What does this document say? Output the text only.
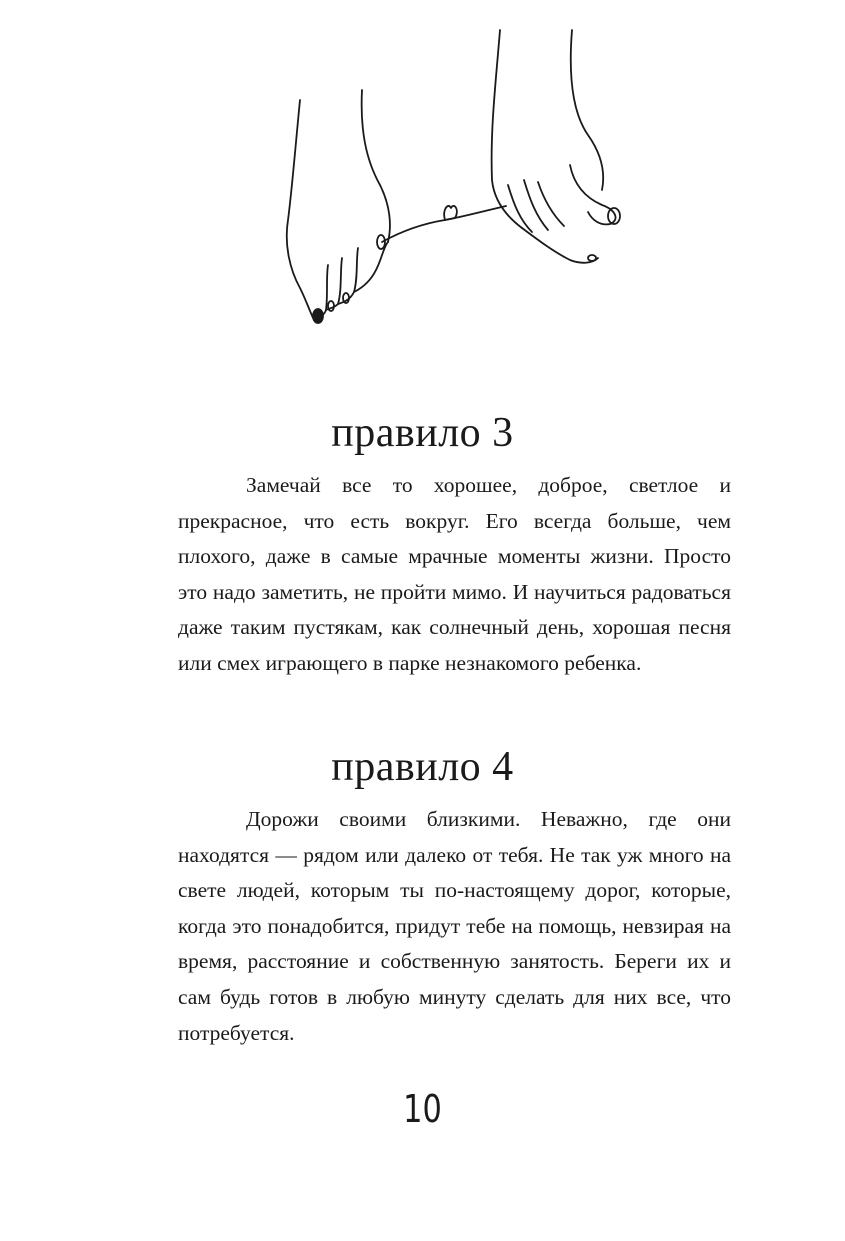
правило 3

Замечай все то хорошее, доброе, светлое и прекрасное, что есть вокруг. Его всегда больше, чем плохого, даже в самые мрачные моменты жизни. Просто это надо заметить, не пройти мимо. И научиться радоваться даже таким пустякам, как солнечный день, хорошая песня или смех играющего в парке незнакомого ребенка.

правило 4

Дорожи своими близкими. Неважно, где они находятся — рядом или далеко от тебя. Не так уж много на свете людей, которым ты по-настоящему дорог, которые, когда это понадобится, придут тебе на помощь, невзирая на время, расстояние и собственную занятость. Береги их и сам будь готов в любую минуту сделать для них все, что потребуется.

10
